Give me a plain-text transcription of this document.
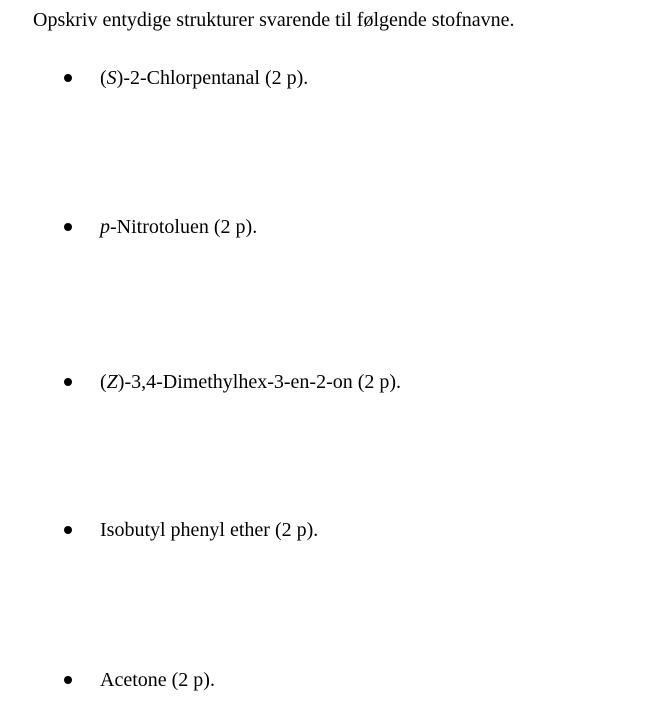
Opskriv entydige strukturer svarende til følgende stofnavne.
(S)-2-Chlorpentanal (2 p).
p-Nitrotoluen (2 p).
(Z)-3,4-Dimethylhex-3-en-2-on (2 p).
Isobutyl phenyl ether (2 p).
Acetone (2 p).
